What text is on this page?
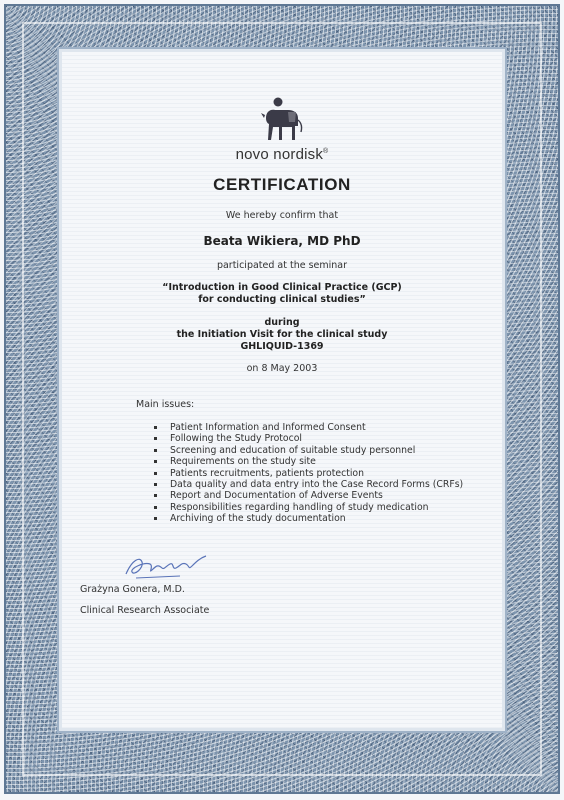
novo nordisk®
CERTIFICATION
We hereby confirm that
Beata Wikiera, MD PhD
participated at the seminar
“Introduction in Good Clinical Practice (GCP)
for conducting clinical studies”
during
the Initiation Visit for the clinical study
GHLIQUID-1369
on 8 May 2003
Main issues:
Patient Information and Informed Consent
Following the Study Protocol
Screening and education of suitable study personnel
Requirements on the study site
Patients recruitments, patients protection
Data quality and data entry into the Case Record Forms (CRFs)
Report and Documentation of Adverse Events
Responsibilities regarding handling of study medication
Archiving of the study documentation
Grażyna Gonera, M.D.
Clinical Research Associate
